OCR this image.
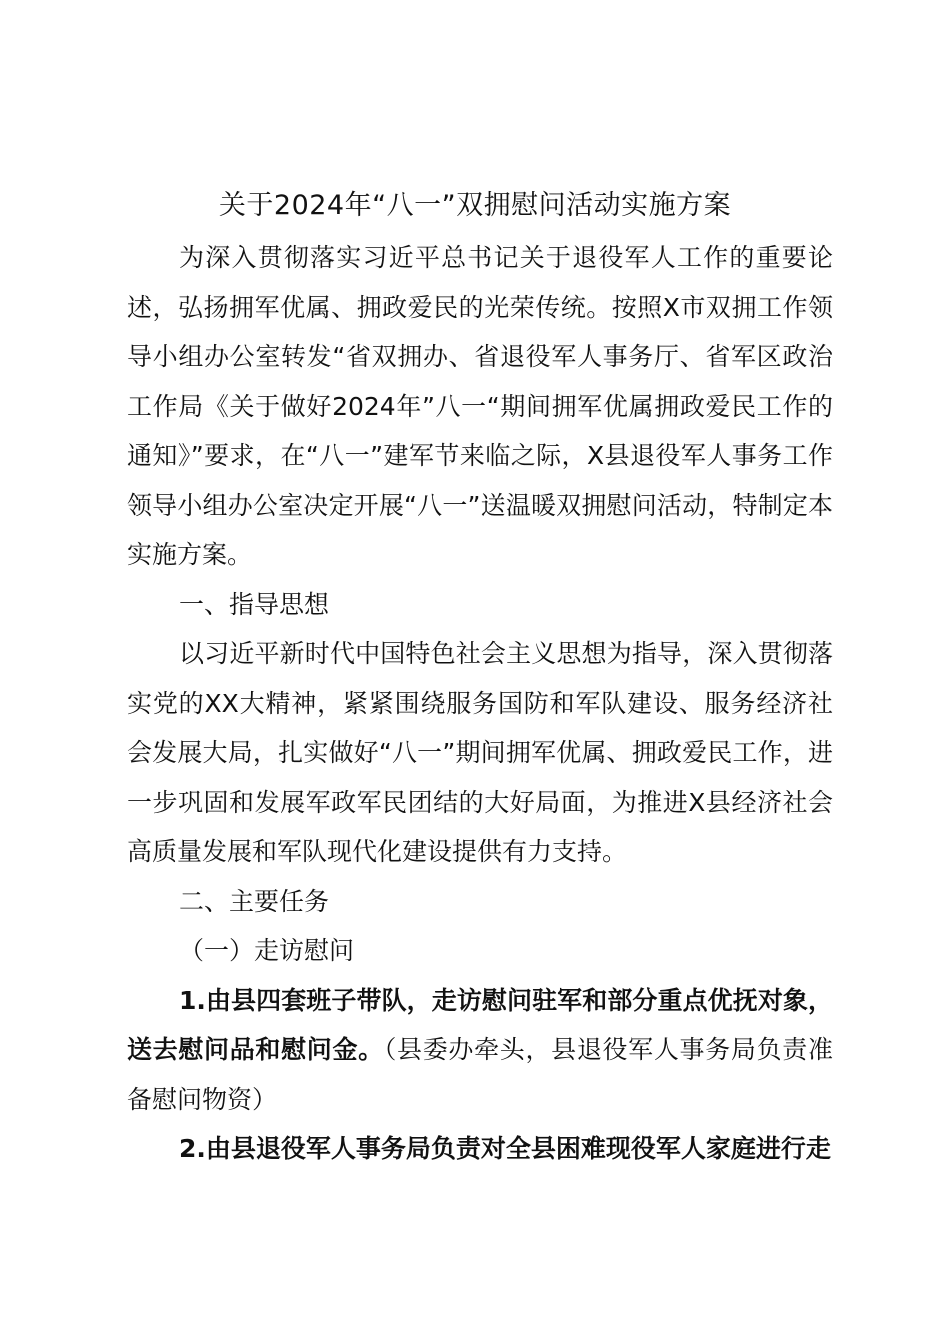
关于2024年“八一”双拥慰问活动实施方案

为深入贯彻落实习近平总书记关于退役军人工作的重要论述，弘扬拥军优属、拥政爱民的光荣传统。按照X市双拥工作领导小组办公室转发“省双拥办、省退役军人事务厅、省军区政治工作局《关于做好2024年”八一“期间拥军优属拥政爱民工作的通知》”要求，在“八一”建军节来临之际，X县退役军人事务工作领导小组办公室决定开展“八一”送温暖双拥慰问活动，特制定本实施方案。

一、指导思想

以习近平新时代中国特色社会主义思想为指导，深入贯彻落实党的XX大精神，紧紧围绕服务国防和军队建设、服务经济社会发展大局，扎实做好“八一”期间拥军优属、拥政爱民工作，进一步巩固和发展军政军民团结的大好局面，为推进X县经济社会高质量发展和军队现代化建设提供有力支持。

二、主要任务

（一）走访慰问

1.由县四套班子带队，走访慰问驻军和部分重点优抚对象，送去慰问品和慰问金。（县委办牵头，县退役军人事务局负责准备慰问物资）

2.由县退役军人事务局负责对全县困难现役军人家庭进行走
